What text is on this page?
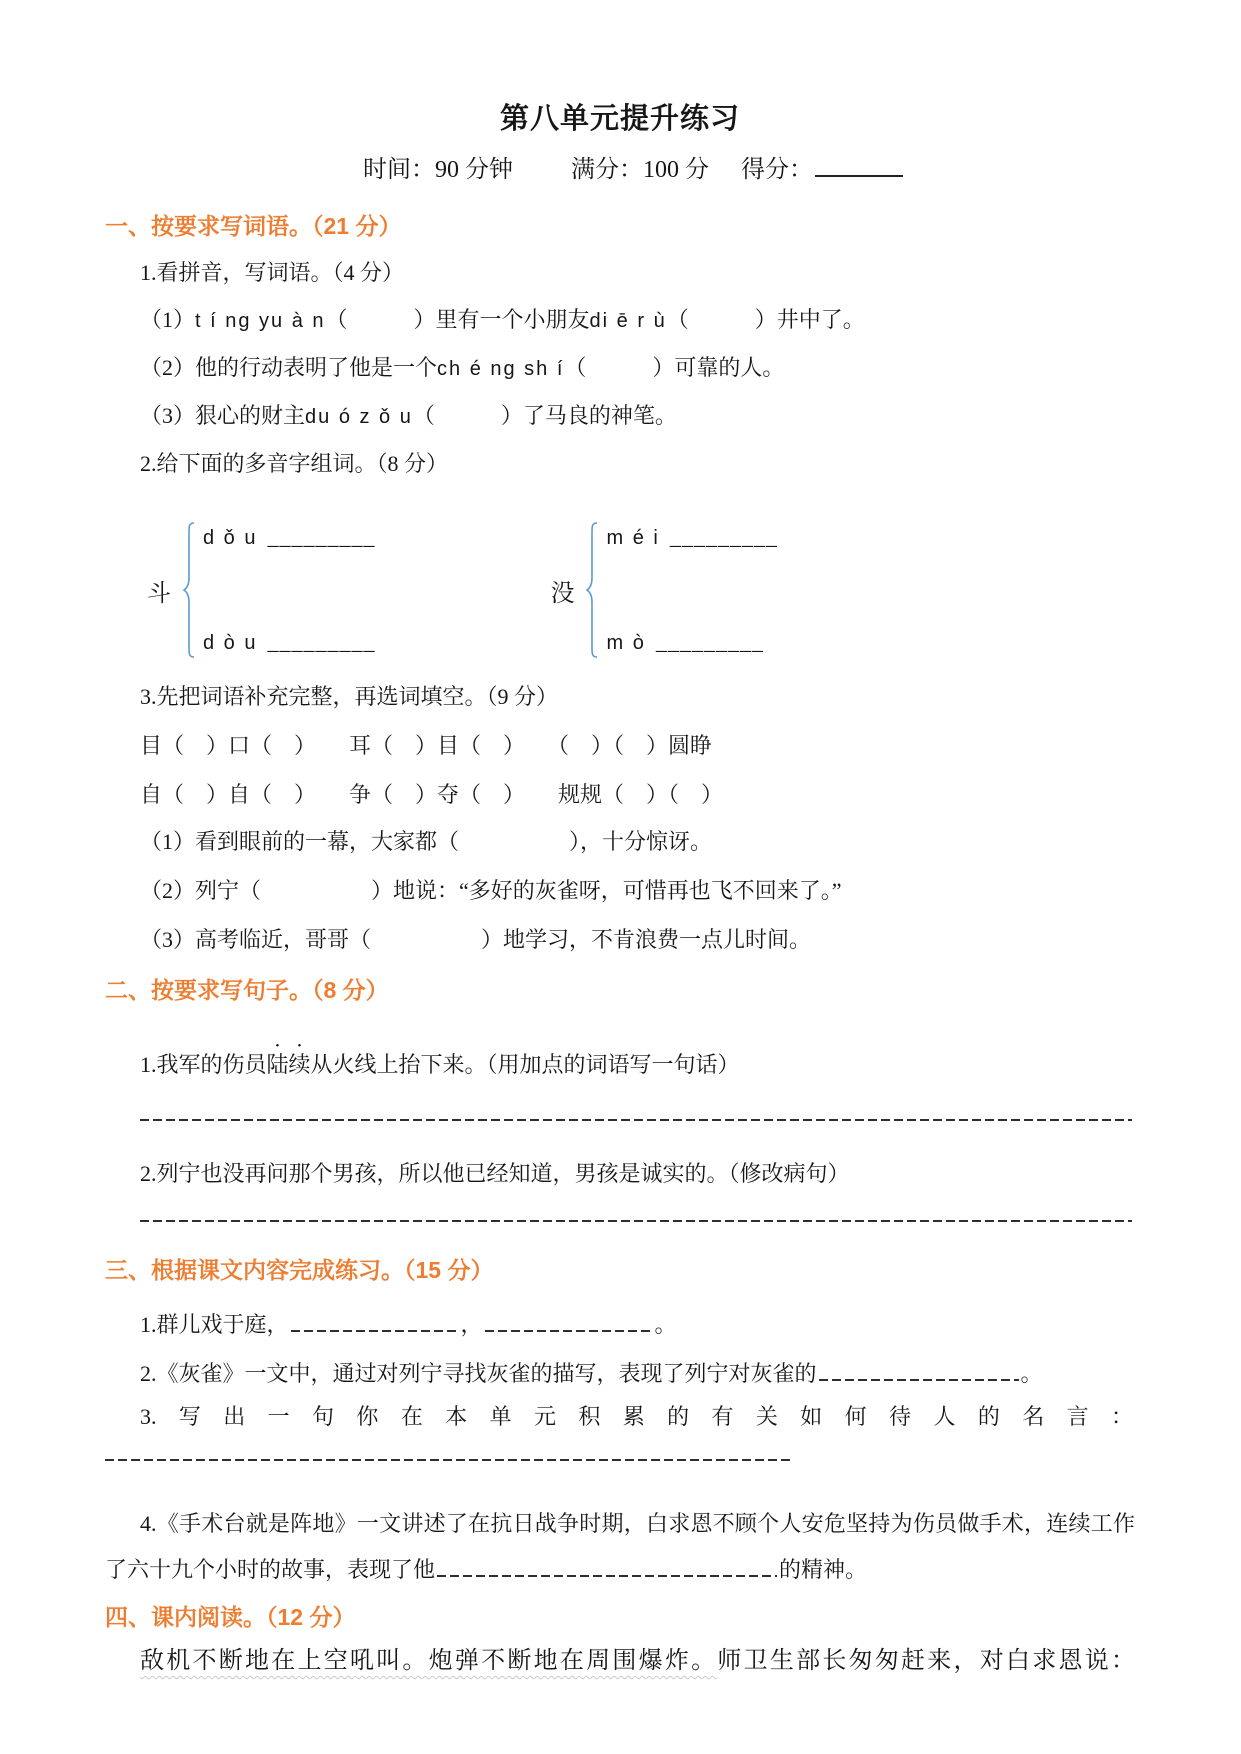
第八单元提升练习
时间：90 分钟 满分：100 分 得分：
一、按要求写词语。（21 分）
1.看拼音，写词语。（4 分）
（1）t í ng yu à n（　　　）里有一个小朋友di ē r ù（　　　）井中了。
（2）他的行动表明了他是一个ch é ng sh í（　　　）可靠的人。
（3）狠心的财主du ó z ǒ u（　　　）了马良的神笔。
2.给下面的多音字组词。（8 分）
斗
d ǒ u _________
d ò u _________
没
m é i _________
m ò _________
3.先把词语补充完整，再选词填空。（9 分）
目（　）口（　）　　耳（　）目（　）　　（　）（　）圆睁
自（　）自（　）　　争（　）夺（　）　　规规（　）（　）
（1）看到眼前的一幕，大家都（　　　　　），十分惊讶。
（2）列宁（　　　　　）地说：“多好的灰雀呀，可惜再也飞不回来了。”
（3）高考临近，哥哥（　　　　　）地学习，不肯浪费一点儿时间。
二、按要求写句子。（8 分）
1.我军的伤员陆续从火线上抬下来。（用加点的词语写一句话）
2.列宁也没再问那个男孩，所以他已经知道，男孩是诚实的。（修改病句）
三、根据课文内容完成练习。（15 分）
1.群儿戏于庭，	，	。
2.《灰雀》一文中，通过对列宁寻找灰雀的描写，表现了列宁对灰雀的	。
3.写出一句你在本单元积累的有关如何待人的名言：
4.《手术台就是阵地》一文讲述了在抗日战争时期，白求恩不顾个人安危坚持为伤员做手术，连续工作了六十九个小时的故事，表现了他	的精神。
四、课内阅读。（12 分）
敌机不断地在上空吼叫。炮弹不断地在周围爆炸。师卫生部长匆匆赶来，对白求恩说：
